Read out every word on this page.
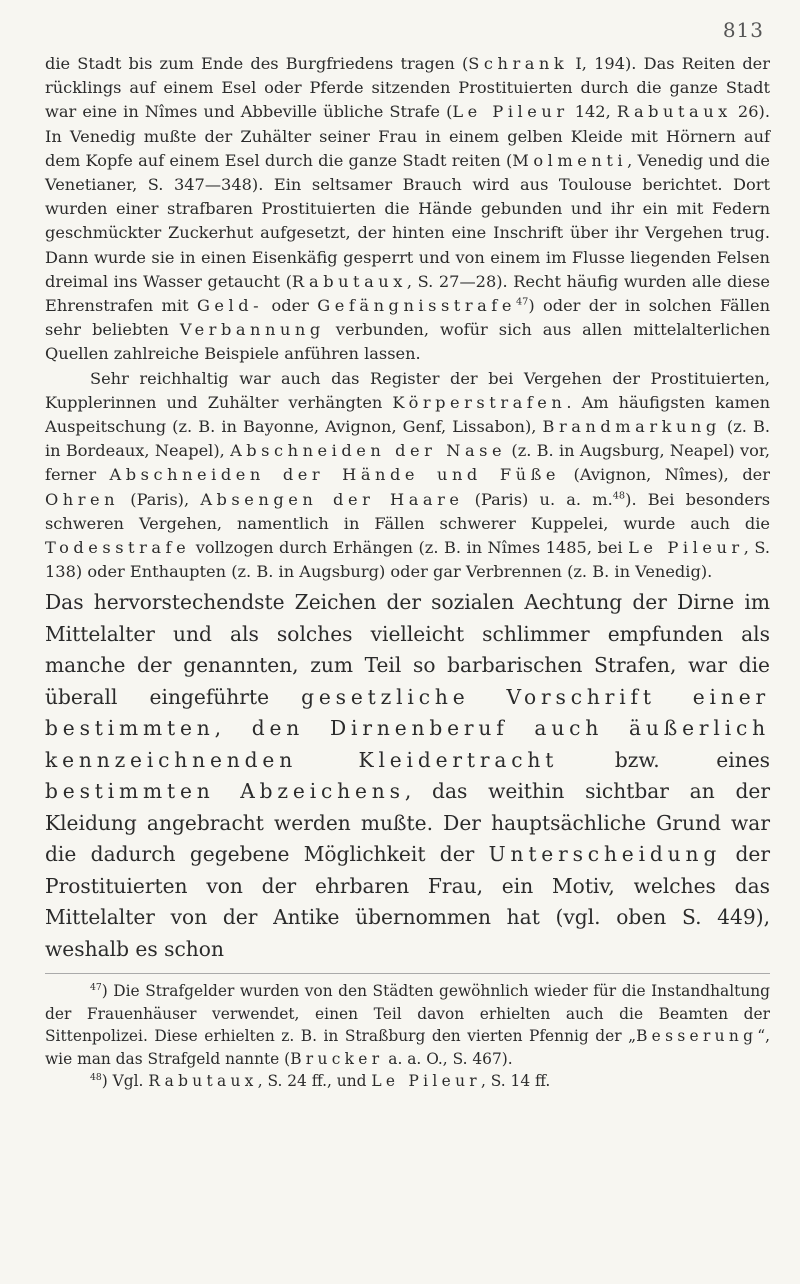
813

die Stadt bis zum Ende des Burgfriedens tragen (Schrank I, 194). Das Reiten der rücklings auf einem Esel oder Pferde sitzenden Prostituierten durch die ganze Stadt war eine in Nîmes und Abbeville übliche Strafe (Le Pileur 142, Rabutaux 26). In Venedig mußte der Zuhälter seiner Frau in einem gelben Kleide mit Hörnern auf dem Kopfe auf einem Esel durch die ganze Stadt reiten (Molmenti, Venedig und die Venetianer, S. 347—348). Ein seltsamer Brauch wird aus Toulouse berichtet. Dort wurden einer strafbaren Prostituierten die Hände gebunden und ihr ein mit Federn geschmückter Zuckerhut aufgesetzt, der hinten eine Inschrift über ihr Vergehen trug. Dann wurde sie in einen Eisenkäfig gesperrt und von einem im Flusse liegenden Felsen dreimal ins Wasser getaucht (Rabutaux, S. 27—28). Recht häufig wurden alle diese Ehrenstrafen mit Geld- oder Gefängnisstrafe$^{47}$) oder der in solchen Fällen sehr beliebten Verbannung verbunden, wofür sich aus allen mittelalterlichen Quellen zahlreiche Beispiele anführen lassen.

Sehr reichhaltig war auch das Register der bei Vergehen der Prostituierten, Kupplerinnen und Zuhälter verhängten Körperstrafen. Am häufigsten kamen Auspeitschung (z. B. in Bayonne, Avignon, Genf, Lissabon), Brandmarkung (z. B. in Bordeaux, Neapel), Abschneiden der Nase (z. B. in Augsburg, Neapel) vor, ferner Abschneiden der Hände und Füße (Avignon, Nîmes), der Ohren (Paris), Absengen der Haare (Paris) u. a. m.$^{48}$). Bei besonders schweren Vergehen, namentlich in Fällen schwerer Kuppelei, wurde auch die Todesstrafe vollzogen durch Erhängen (z. B. in Nîmes 1485, bei Le Pileur, S. 138) oder Enthaupten (z. B. in Augsburg) oder gar Verbrennen (z. B. in Venedig).

Das hervorstechendste Zeichen der sozialen Aechtung der Dirne im Mittelalter und als solches vielleicht schlimmer empfunden als manche der genannten, zum Teil so barbarischen Strafen, war die überall eingeführte gesetzliche Vorschrift einer bestimmten, den Dirnenberuf auch äußerlich kennzeichnenden Kleidertracht bzw. eines bestimmten Abzeichens, das weithin sichtbar an der Kleidung angebracht werden mußte. Der hauptsächliche Grund war die dadurch gegebene Möglichkeit der Unterscheidung der Prostituierten von der ehrbaren Frau, ein Motiv, welches das Mittelalter von der Antike übernommen hat (vgl. oben S. 449), weshalb es schon

$^{47}$) Die Strafgelder wurden von den Städten gewöhnlich wieder für die Instandhaltung der Frauenhäuser verwendet, einen Teil davon erhielten auch die Beamten der Sittenpolizei. Diese erhielten z. B. in Straßburg den vierten Pfennig der „Besserung“, wie man das Strafgeld nannte (Brucker a. a. O., S. 467).

$^{48}$) Vgl. Rabutaux, S. 24 ff., und Le Pileur, S. 14 ff.
